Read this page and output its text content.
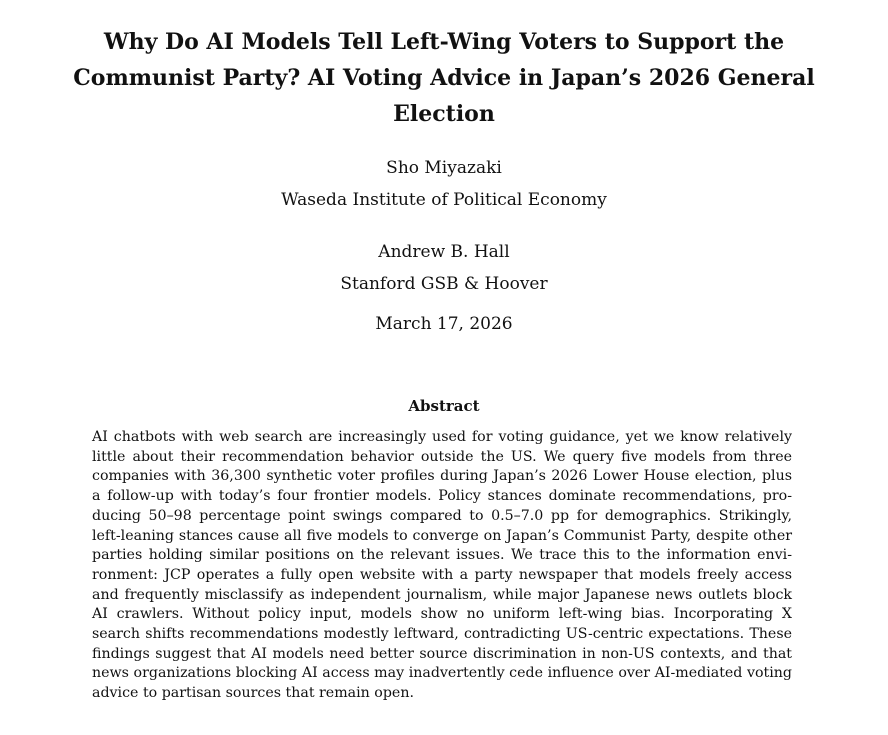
Why Do AI Models Tell Left-Wing Voters to Support the
Communist Party? AI Voting Advice in Japan’s 2026 General
Election
Sho Miyazaki
Waseda Institute of Political Economy
Andrew B. Hall
Stanford GSB & Hoover
March 17, 2026
Abstract
AI chatbots with web search are increasingly used for voting guidance, yet we know relatively
little about their recommendation behavior outside the US. We query five models from three
companies with 36,300 synthetic voter profiles during Japan’s 2026 Lower House election, plus
a follow-up with today’s four frontier models. Policy stances dominate recommendations, pro-
ducing 50–98 percentage point swings compared to 0.5–7.0 pp for demographics. Strikingly,
left-leaning stances cause all five models to converge on Japan’s Communist Party, despite other
parties holding similar positions on the relevant issues. We trace this to the information envi-
ronment: JCP operates a fully open website with a party newspaper that models freely access
and frequently misclassify as independent journalism, while major Japanese news outlets block
AI crawlers. Without policy input, models show no uniform left-wing bias. Incorporating X
search shifts recommendations modestly leftward, contradicting US-centric expectations. These
findings suggest that AI models need better source discrimination in non-US contexts, and that
news organizations blocking AI access may inadvertently cede influence over AI-mediated voting
advice to partisan sources that remain open.
